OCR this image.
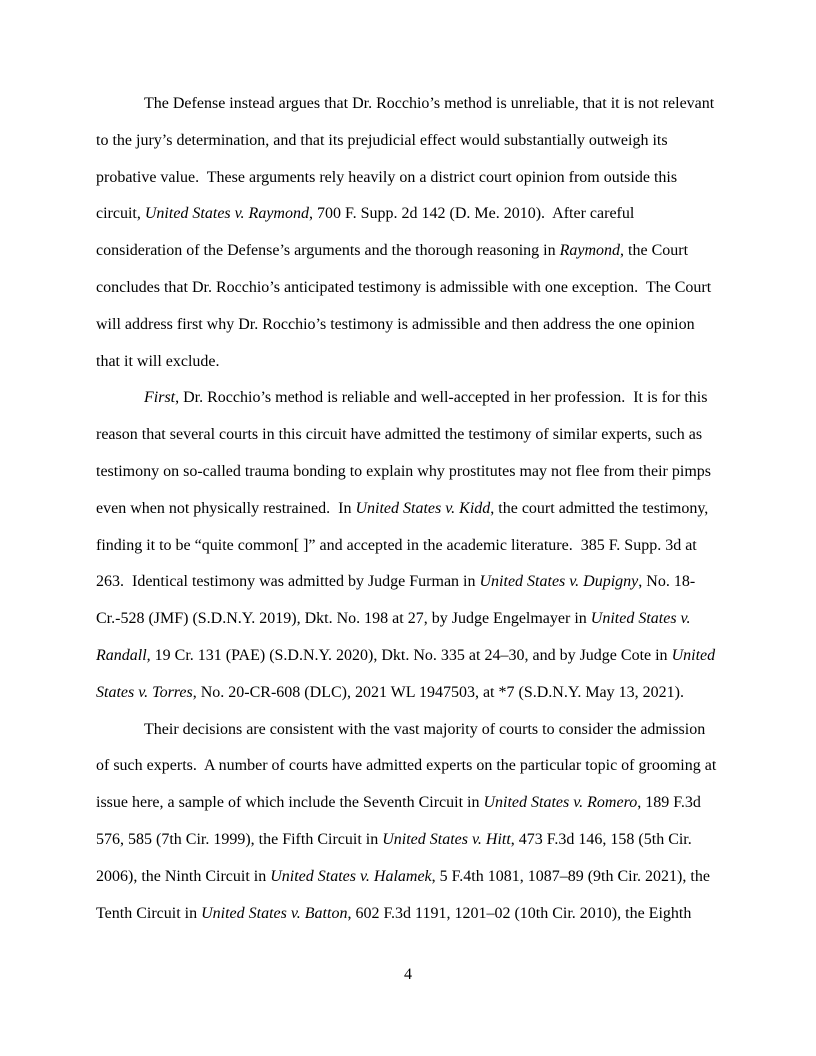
The Defense instead argues that Dr. Rocchio’s method is unreliable, that it is not relevant to the jury’s determination, and that its prejudicial effect would substantially outweigh its probative value.  These arguments rely heavily on a district court opinion from outside this circuit, United States v. Raymond, 700 F. Supp. 2d 142 (D. Me. 2010).  After careful consideration of the Defense’s arguments and the thorough reasoning in Raymond, the Court concludes that Dr. Rocchio’s anticipated testimony is admissible with one exception.  The Court will address first why Dr. Rocchio’s testimony is admissible and then address the one opinion that it will exclude.

First, Dr. Rocchio’s method is reliable and well-accepted in her profession.  It is for this reason that several courts in this circuit have admitted the testimony of similar experts, such as testimony on so-called trauma bonding to explain why prostitutes may not flee from their pimps even when not physically restrained.  In United States v. Kidd, the court admitted the testimony, finding it to be “quite common[ ]” and accepted in the academic literature.  385 F. Supp. 3d at 263.  Identical testimony was admitted by Judge Furman in United States v. Dupigny, No. 18-Cr.-528 (JMF) (S.D.N.Y. 2019), Dkt. No. 198 at 27, by Judge Engelmayer in United States v. Randall, 19 Cr. 131 (PAE) (S.D.N.Y. 2020), Dkt. No. 335 at 24–30, and by Judge Cote in United States v. Torres, No. 20-CR-608 (DLC), 2021 WL 1947503, at *7 (S.D.N.Y. May 13, 2021).

Their decisions are consistent with the vast majority of courts to consider the admission of such experts.  A number of courts have admitted experts on the particular topic of grooming at issue here, a sample of which include the Seventh Circuit in United States v. Romero, 189 F.3d 576, 585 (7th Cir. 1999), the Fifth Circuit in United States v. Hitt, 473 F.3d 146, 158 (5th Cir. 2006), the Ninth Circuit in United States v. Halamek, 5 F.4th 1081, 1087–89 (9th Cir. 2021), the Tenth Circuit in United States v. Batton, 602 F.3d 1191, 1201–02 (10th Cir. 2010), the Eighth

4
